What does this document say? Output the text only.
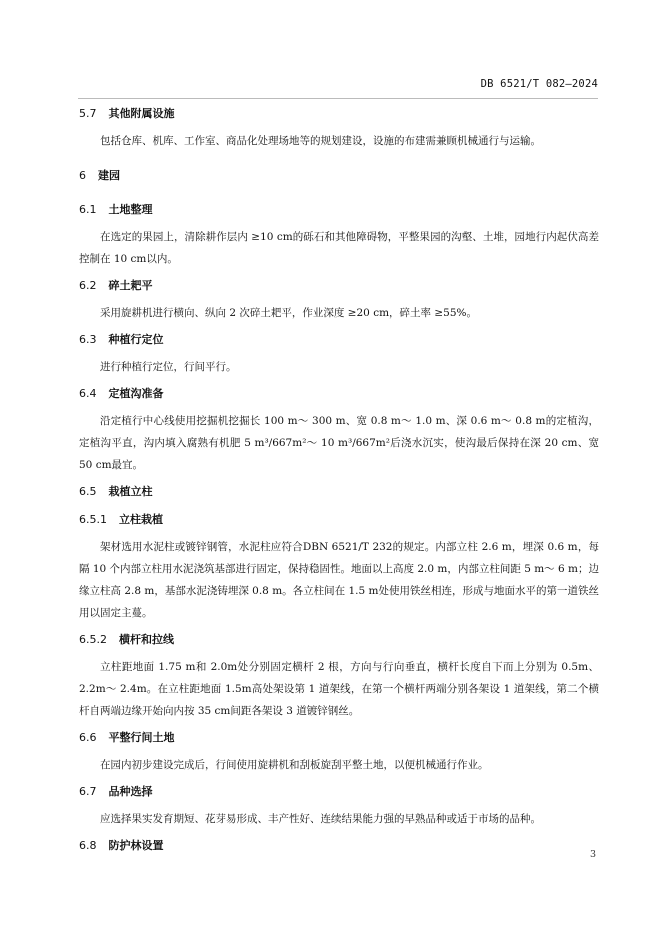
DB 6521/T 082—2024
5.7 其他附属设施

包括仓库、机库、工作室、商品化处理场地等的规划建设，设施的布建需兼顾机械通行与运输。

6 建园
6.1 土地整理

在选定的果园上，清除耕作层内 ≥10 cm的砾石和其他障碍物，平整果园的沟壑、土堆，园地行内起伏高差控制在 10 cm以内。

6.2 碎土耙平

采用旋耕机进行横向、纵向 2 次碎土耙平，作业深度 ≥20 cm，碎土率 ≥55%。

6.3 种植行定位

进行种植行定位，行间平行。

6.4 定植沟准备

沿定植行中心线使用挖掘机挖掘长 100 m～ 300 m、宽 0.8 m～ 1.0 m、深 0.6 m～ 0.8 m的定植沟，定植沟平直，沟内填入腐熟有机肥 5 m³/667m²～ 10 m³/667m²后浇水沉实，使沟最后保持在深 20 cm、宽 50 cm最宜。

6.5 栽植立柱
6.5.1 立柱栽植

架材选用水泥柱或镀锌钢管，水泥柱应符合DBN 6521/T 232的规定。内部立柱 2.6 m，埋深 0.6 m，每隔 10 个内部立柱用水泥浇筑基部进行固定，保持稳固性。地面以上高度 2.0 m，内部立柱间距 5 m～ 6 m；边缘立柱高 2.8 m，基部水泥浇铸埋深 0.8 m。各立柱间在 1.5 m处使用铁丝相连，形成与地面水平的第一道铁丝用以固定主蔓。

6.5.2 横杆和拉线

立柱距地面 1.75 m和 2.0m处分别固定横杆 2 根，方向与行向垂直，横杆长度自下而上分别为 0.5m、 2.2m～ 2.4m。在立柱距地面 1.5m高处架设第 1 道架线，在第一个横杆两端分别各架设 1 道架线，第二个横杆自两端边缘开始向内按 35 cm间距各架设 3 道镀锌钢丝。

6.6 平整行间土地

在园内初步建设完成后，行间使用旋耕机和刮板旋刮平整土地，以便机械通行作业。

6.7 品种选择

应选择果实发育期短、花芽易形成、丰产性好、连续结果能力强的早熟品种或适于市场的品种。

6.8 防护林设置
3
